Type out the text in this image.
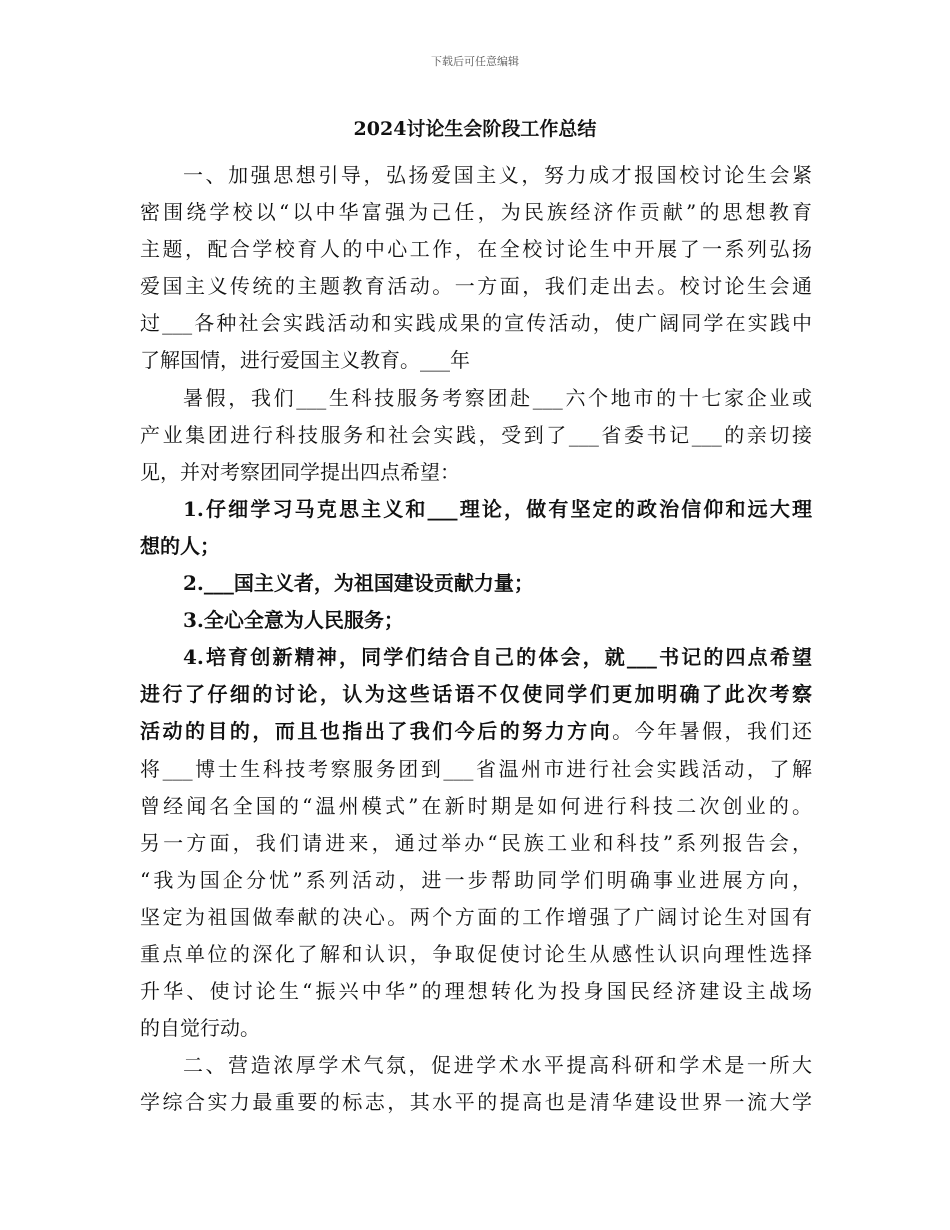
下载后可任意编辑
2024讨论生会阶段工作总结
一、加强思想引导，弘扬爱国主义，努力成才报国校讨论生会紧
密围绕学校以“以中华富强为己任，为民族经济作贡献”的思想教育
主题，配合学校育人的中心工作，在全校讨论生中开展了一系列弘扬
爱国主义传统的主题教育活动。一方面，我们走出去。校讨论生会通
过___各种社会实践活动和实践成果的宣传活动，使广阔同学在实践中
了解国情，进行爱国主义教育。___年
暑假，我们___生科技服务考察团赴___六个地市的十七家企业或
产业集团进行科技服务和社会实践，受到了___省委书记___的亲切接
见，并对考察团同学提出四点希望：
1.仔细学习马克思主义和___理论，做有坚定的政治信仰和远大理
想的人；
2.___国主义者，为祖国建设贡献力量；
3.全心全意为人民服务；
4.培育创新精神，同学们结合自己的体会，就___书记的四点希望
进行了仔细的讨论，认为这些话语不仅使同学们更加明确了此次考察
活动的目的，而且也指出了我们今后的努力方向。今年暑假，我们还
将___博士生科技考察服务团到___省温州市进行社会实践活动，了解
曾经闻名全国的“温州模式”在新时期是如何进行科技二次创业的。
另一方面，我们请进来，通过举办“民族工业和科技”系列报告会，
“我为国企分忧”系列活动，进一步帮助同学们明确事业进展方向，
坚定为祖国做奉献的决心。两个方面的工作增强了广阔讨论生对国有
重点单位的深化了解和认识，争取促使讨论生从感性认识向理性选择
升华、使讨论生“振兴中华”的理想转化为投身国民经济建设主战场
的自觉行动。
二、营造浓厚学术气氛，促进学术水平提高科研和学术是一所大
学综合实力最重要的标志，其水平的提高也是清华建设世界一流大学
